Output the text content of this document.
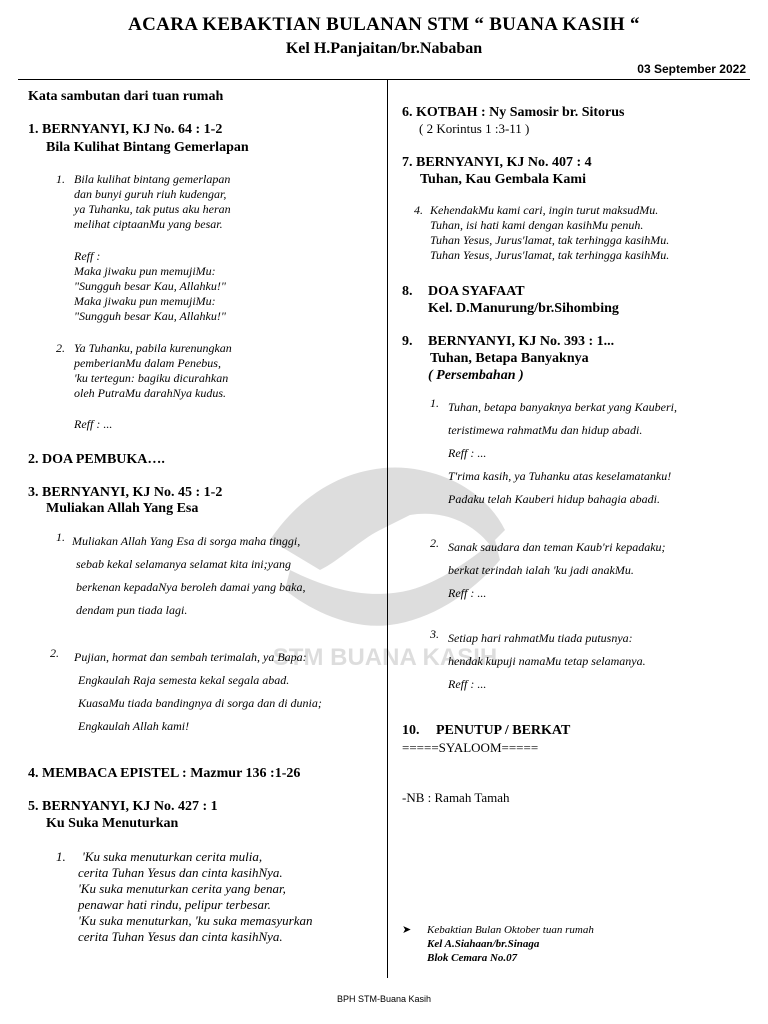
ACARA KEBAKTIAN BULANAN STM “ BUANA KASIH “
Kel H.Panjaitan/br.Nababan
03 September 2022
STM BUANA KASIH
Kata sambutan dari tuan rumah
1. BERNYANYI, KJ No. 64 : 1-2
Bila Kulihat Bintang Gemerlapan
1. Bila kulihat bintang gemerlapan
dan bunyi guruh riuh kudengar,
ya Tuhanku, tak putus aku heran
melihat ciptaanMu yang besar.
Reff :
Maka jiwaku pun memujiMu:
"Sungguh besar Kau, Allahku!"
Maka jiwaku pun memujiMu:
"Sungguh besar Kau, Allahku!"
2. Ya Tuhanku, pabila kurenungkan
pemberianMu dalam Penebus,
'ku tertegun: bagiku dicurahkan
oleh PutraMu darahNya kudus.
Reff : ...
2. DOA PEMBUKA….
3. BERNYANYI, KJ No. 45 : 1-2
Muliakan Allah Yang Esa
1. Muliakan Allah Yang Esa di sorga maha tinggi,
sebab kekal selamanya selamat kita ini;yang
berkenan kepadaNya beroleh damai yang baka,
dendam pun tiada lagi.
2. Pujian, hormat dan sembah terimalah, ya Bapa:
Engkaulah Raja semesta kekal segala abad.
KuasaMu tiada bandingnya di sorga dan di dunia;
Engkaulah Allah kami!
4. MEMBACA EPISTEL : Mazmur 136 :1-26
5. BERNYANYI, KJ No. 427 : 1
Ku Suka Menuturkan
1.	'Ku suka menuturkan cerita mulia,
cerita Tuhan Yesus dan cinta kasihNya.
'Ku suka menuturkan cerita yang benar,
penawar hati rindu, pelipur terbesar.
'Ku suka menuturkan, 'ku suka memasyurkan
cerita Tuhan Yesus dan cinta kasihNya.
6. KOTBAH : Ny Samosir br. Sitorus
( 2 Korintus 1 :3-11 )
7. BERNYANYI, KJ No. 407 : 4
Tuhan, Kau Gembala Kami
4. KehendakMu kami cari, ingin turut maksudMu.
Tuhan, isi hati kami dengan kasihMu penuh.
Tuhan Yesus, Jurus'lamat, tak terhingga kasihMu.
Tuhan Yesus, Jurus'lamat, tak terhingga kasihMu.
8. DOA SYAFAAT
Kel. D.Manurung/br.Sihombing
9. BERNYANYI, KJ No. 393 : 1...
Tuhan, Betapa Banyaknya
( Persembahan )
1. Tuhan, betapa banyaknya berkat yang Kauberi,
teristimewa rahmatMu dan hidup abadi.
Reff : ...
T'rima kasih, ya Tuhanku atas keselamatanku!
Padaku telah Kauberi hidup bahagia abadi.
2. Sanak saudara dan teman Kaub'ri kepadaku;
berkat terindah ialah 'ku jadi anakMu.
Reff : ...
3. Setiap hari rahmatMu tiada putusnya:
hendak kupuji namaMu tetap selamanya.
Reff : ...
10. PENUTUP / BERKAT
=====SYALOOM=====
-NB : Ramah Tamah
➤ Kebaktian Bulan Oktober tuan rumah
Kel A.Siahaan/br.Sinaga
Blok Cemara No.07
BPH STM-Buana Kasih
